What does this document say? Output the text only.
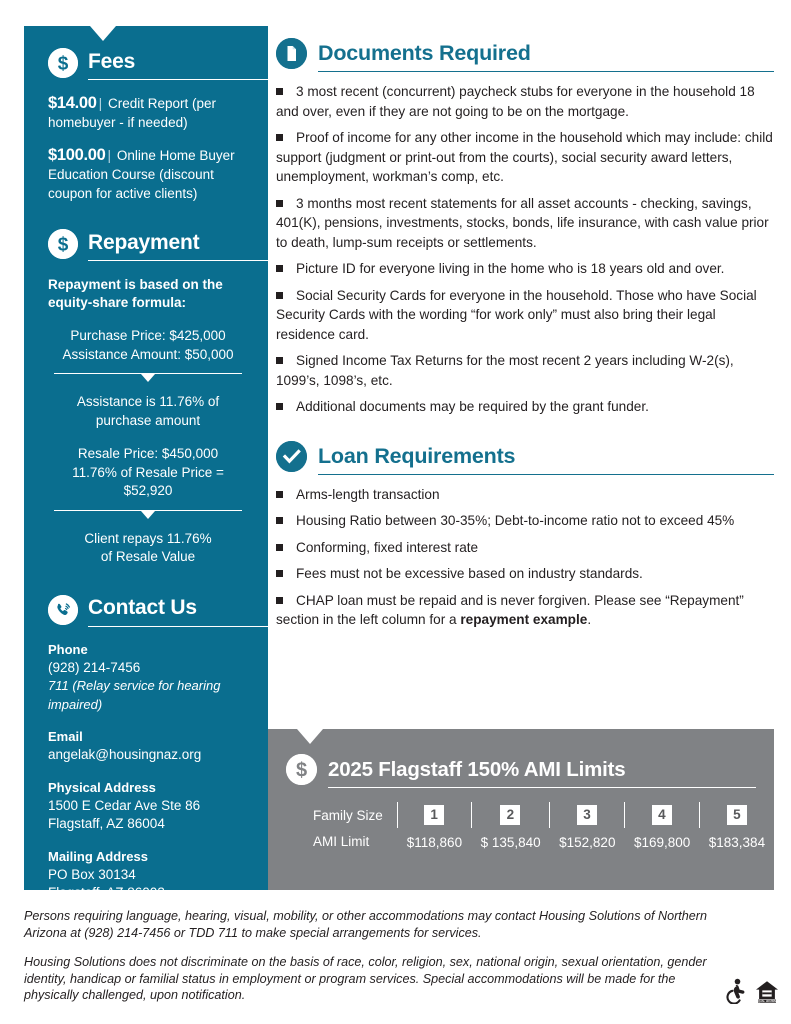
$ Fees
$14.00 | Credit Report (per homebuyer - if needed)
$100.00 | Online Home Buyer Education Course (discount coupon for active clients)
$ Repayment
Repayment is based on the equity-share formula:
Purchase Price: $425,000
Assistance Amount: $50,000
Assistance is 11.76% of
purchase amount
Resale Price: $450,000
11.76% of Resale Price = $52,920
Client repays 11.76%
of Resale Value
Contact Us
Phone
(928) 214-7456
711 (Relay service for hearing impaired)
Email
angelak@housingnaz.org
Physical Address
1500 E Cedar Ave Ste 86
Flagstaff, AZ 86004
Mailing Address
PO Box 30134
Flagstaff, AZ 86003
Documents Required
3 most recent (concurrent) paycheck stubs for everyone in the household 18 and over, even if they are not going to be on the mortgage.
Proof of income for any other income in the household which may include: child support (judgment or print-out from the courts), social security award letters, unemployment, workman’s comp, etc.
3 months most recent statements for all asset accounts - checking, savings, 401(K), pensions, investments, stocks, bonds, life insurance, with cash value prior to death, lump-sum receipts or settlements.
Picture ID for everyone living in the home who is 18 years old and over.
Social Security Cards for everyone in the household. Those who have Social Security Cards with the wording “for work only” must also bring their legal residence card.
Signed Income Tax Returns for the most recent 2 years including W-2(s), 1099’s, 1098’s, etc.
Additional documents may be required by the grant funder.
Loan Requirements
Arms-length transaction
Housing Ratio between 30-35%; Debt-to-income ratio not to exceed 45%
Conforming, fixed interest rate
Fees must not be excessive based on industry standards.
CHAP loan must be repaid and is never forgiven. Please see “Repayment” section in the left column for a repayment example.
$ 2025 Flagstaff 150% AMI Limits
Family Size		1		2		3		4		5
AMI Limit		$118,860		$ 135,840		$152,820		$169,800		$183,384

Persons requiring language, hearing, visual, mobility, or other accommodations may contact Housing Solutions of Northern Arizona at (928) 214-7456 or TDD 711 to make special arrangements for services.

Housing Solutions does not discriminate on the basis of race, color, religion, sex, national origin, sexual orientation, gender identity, handicap or familial status in employment or program services. Special accommodations will be made for the physically challenged, upon notification.	EQUAL HOUSING
